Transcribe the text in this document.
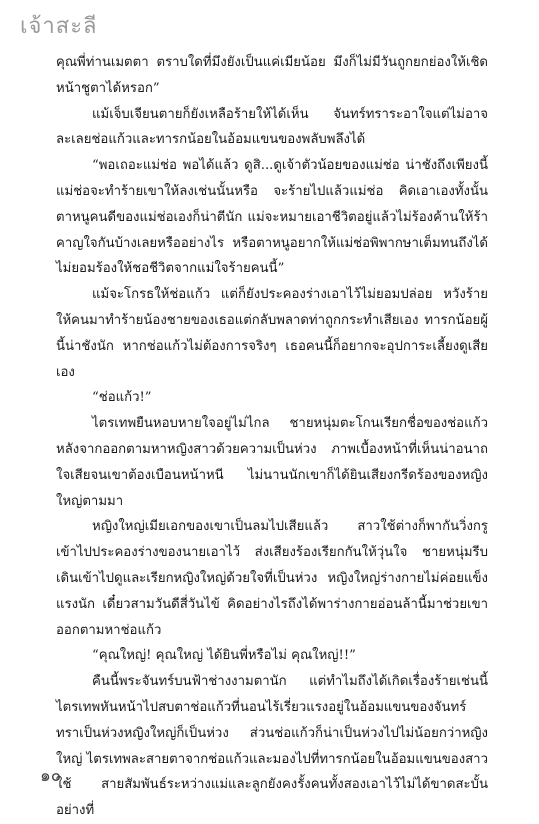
เจ้าสะลี

คุณพี่ท่านเมตตา ตราบใดที่มึงยังเป็นแค่เมียน้อย มึงก็ไม่มีวันถูกยกย่องให้เชิดหน้าชูตาได้หรอก”

แม้เจ็บเจียนตายก็ยังเหลือร้ายให้ได้เห็น จันทร์ทราระอาใจแต่ไม่อาจละเลยช่อแก้วและทารกน้อยในอ้อมแขนของพลับพลึงได้

“พอเถอะแม่ช่อ พอได้แล้ว ดูสิ...ดูเจ้าตัวน้อยของแม่ช่อ น่าชังถึงเพียงนี้ แม่ช่อจะทำร้ายเขาให้ลงเช่นนั้นหรือ จะร้ายไปแล้วแม่ช่อ คิดเอาเองทั้งนั้น ตาหนูคนดีของแม่ช่อเองก็น่าตีนัก แม่จะหมายเอาชีวิตอยู่แล้วไม่ร้องค้านให้ร้าคาญใจกันบ้างเลยหรืออย่างไร หรือตาหนูอยากให้แม่ช่อพิพากษาเต็มทนถึงได้ไม่ยอมร้องให้ชอชีวิตจากแม่ใจร้ายคนนี้”

แม้จะโกรธให้ช่อแก้ว แต่ก็ยังประคองร่างเอาไว้ไม่ยอมปล่อย หวังร้ายให้คนมาทำร้ายน้องชายของเธอแต่กลับพลาดท่าถูกกระทำเสียเอง ทารกน้อยผู้นี้น่าชังนัก หากช่อแก้วไม่ต้องการจริงๆ เธอคนนี้ก็อยากจะอุปการะเลี้ยงดูเสียเอง

“ช่อแก้ว!”

ไตรเทพยืนหอบหายใจอยู่ไม่ไกล ชายหนุ่มตะโกนเรียกชื่อของช่อแก้วหลังจากออกตามหาหญิงสาวด้วยความเป็นห่วง ภาพเบื้องหน้าที่เห็นน่าอนาถใจเสียจนเขาต้องเบือนหน้าหนี ไม่นานนักเขาก็ได้ยินเสียงกรีดร้องของหญิงใหญ่ตามมา

หญิงใหญ่เมียเอกของเขาเป็นลมไปเสียแล้ว สาวใช้ต่างก็พากันวิ่งกรูเข้าไปประคองร่างของนายเอาไว้ ส่งเสียงร้องเรียกกันให้วุ่นใจ ชายหนุ่มรีบเดินเข้าไปดูและเรียกหญิงใหญ่ด้วยใจที่เป็นห่วง หญิงใหญ่ร่างกายไม่ค่อยแข็งแรงนัก เดี๋ยวสามวันดีสี่วันไข้ คิดอย่างไรถึงได้พาร่างกายอ่อนล้านี้มาช่วยเขาออกตามหาช่อแก้ว

“คุณใหญ่! คุณใหญ่ ได้ยินพี่หรือไม่ คุณใหญ่!!”

คืนนี้พระจันทร์บนฟ้าช่างงามตานัก แต่ทำไมถึงได้เกิดเรื่องร้ายเช่นนี้ ไตรเทพหันหน้าไปสบตาช่อแก้วที่นอนไร้เรี่ยวแรงอยู่ในอ้อมแขนของจันทร์ทราเป็นห่วงหญิงใหญ่ก็เป็นห่วง ส่วนช่อแก้วก็น่าเป็นห่วงไปไม่น้อยกว่าหญิงใหญ่ ไตรเทพละสายตาจากช่อแก้วและมองไปที่ทารกน้อยในอ้อมแขนของสาวใช้ สายสัมพันธ์ระหว่างแม่และลูกยังคงรั้งคนทั้งสองเอาไว้ไม่ได้ขาดสะบั้นอย่างที่

๑๐
